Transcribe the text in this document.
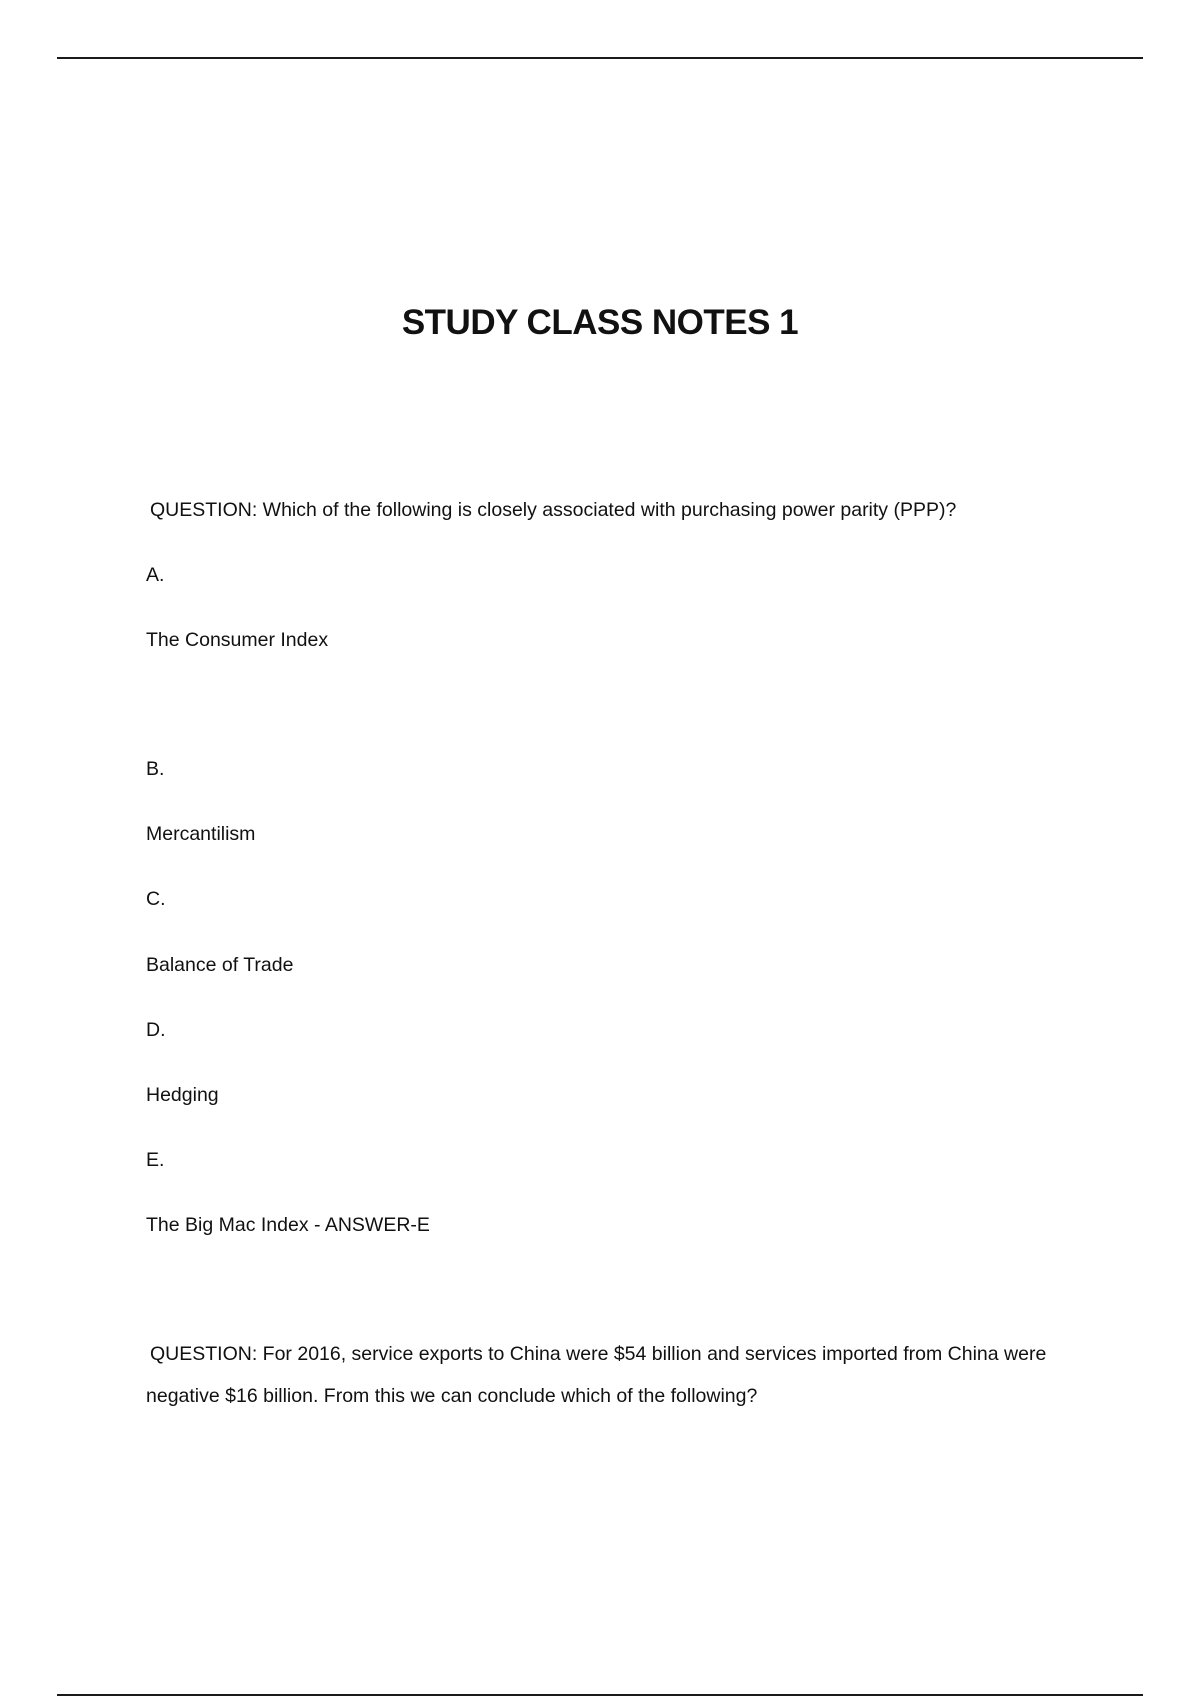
STUDY CLASS NOTES 1

QUESTION: Which of the following is closely associated with purchasing power parity (PPP)?

A.

The Consumer Index

B.

Mercantilism

C.

Balance of Trade

D.

Hedging

E.

The Big Mac Index - ANSWER-E

QUESTION: For 2016, service exports to China were $54 billion and services imported from China were

negative $16 billion. From this we can conclude which of the following?
